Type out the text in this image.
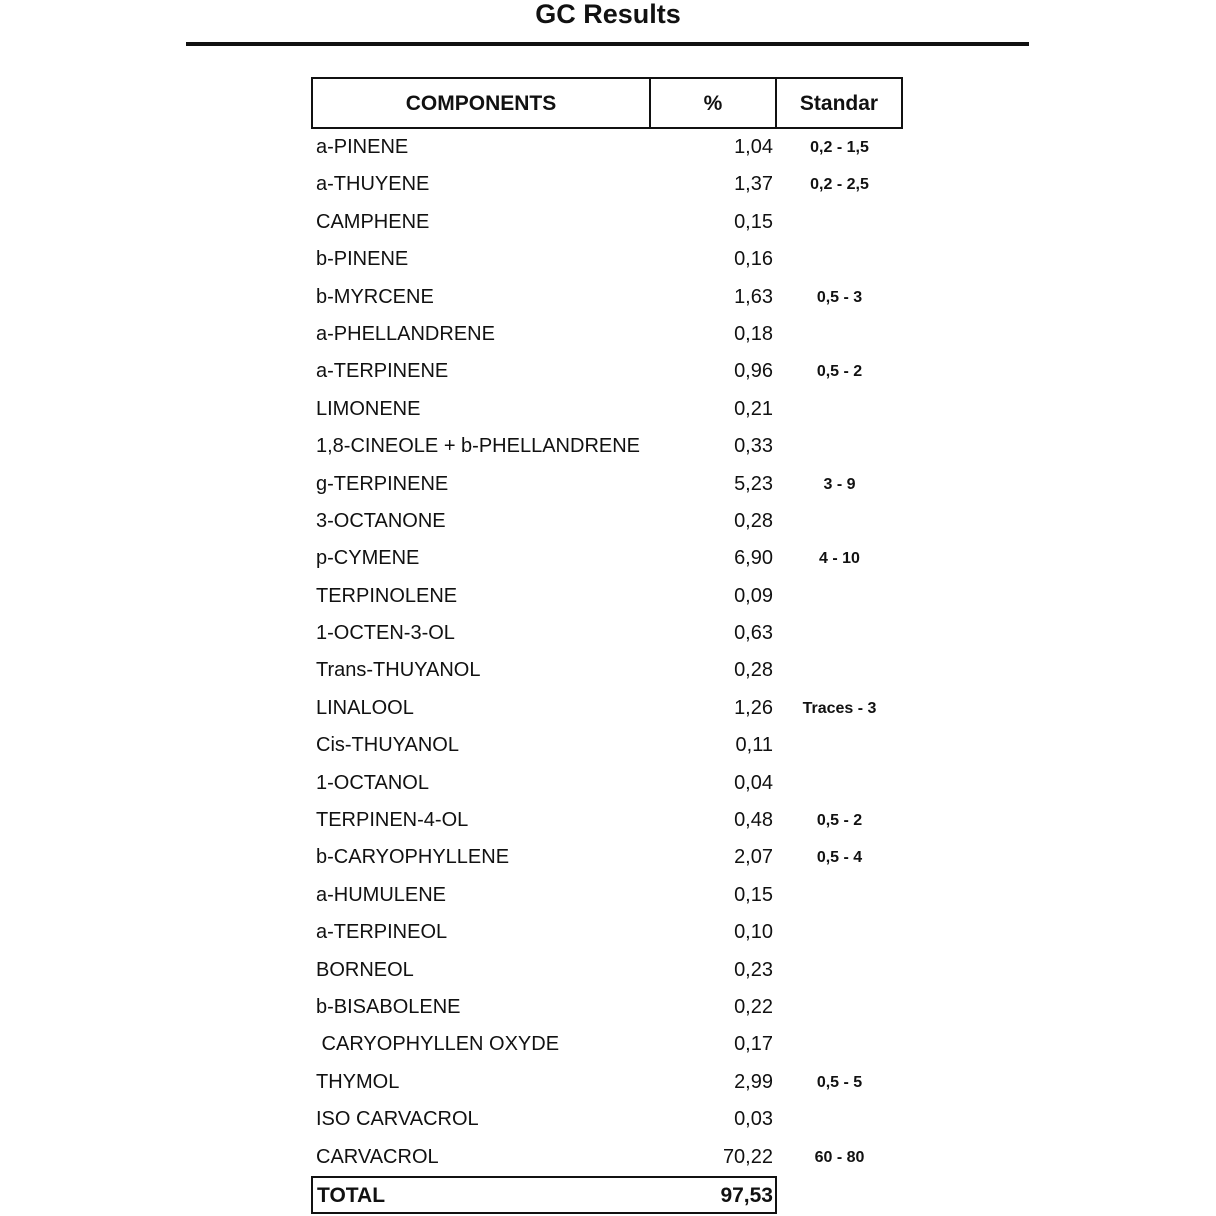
GC Results
COMPONENTS	%	Standar
a-PINENE	1,04	0,2 - 1,5
a-THUYENE	1,37	0,2 - 2,5
CAMPHENE	0,15
b-PINENE	0,16
b-MYRCENE	1,63	0,5 - 3
a-PHELLANDRENE	0,18
a-TERPINENE	0,96	0,5 - 2
LIMONENE	0,21
1,8-CINEOLE + b-PHELLANDRENE	0,33
g-TERPINENE	5,23	3 - 9
3-OCTANONE	0,28
p-CYMENE	6,90	4 - 10
TERPINOLENE	0,09
1-OCTEN-3-OL	0,63
Trans-THUYANOL	0,28
LINALOOL	1,26	Traces - 3
Cis-THUYANOL	0,11
1-OCTANOL	0,04
TERPINEN-4-OL	0,48	0,5 - 2
b-CARYOPHYLLENE	2,07	0,5 - 4
a-HUMULENE	0,15
a-TERPINEOL	0,10
BORNEOL	0,23
b-BISABOLENE	0,22
CARYOPHYLLEN OXYDE	0,17
THYMOL	2,99	0,5 - 5
ISO CARVACROL	0,03
CARVACROL	70,22	60 - 80
TOTAL	97,53
